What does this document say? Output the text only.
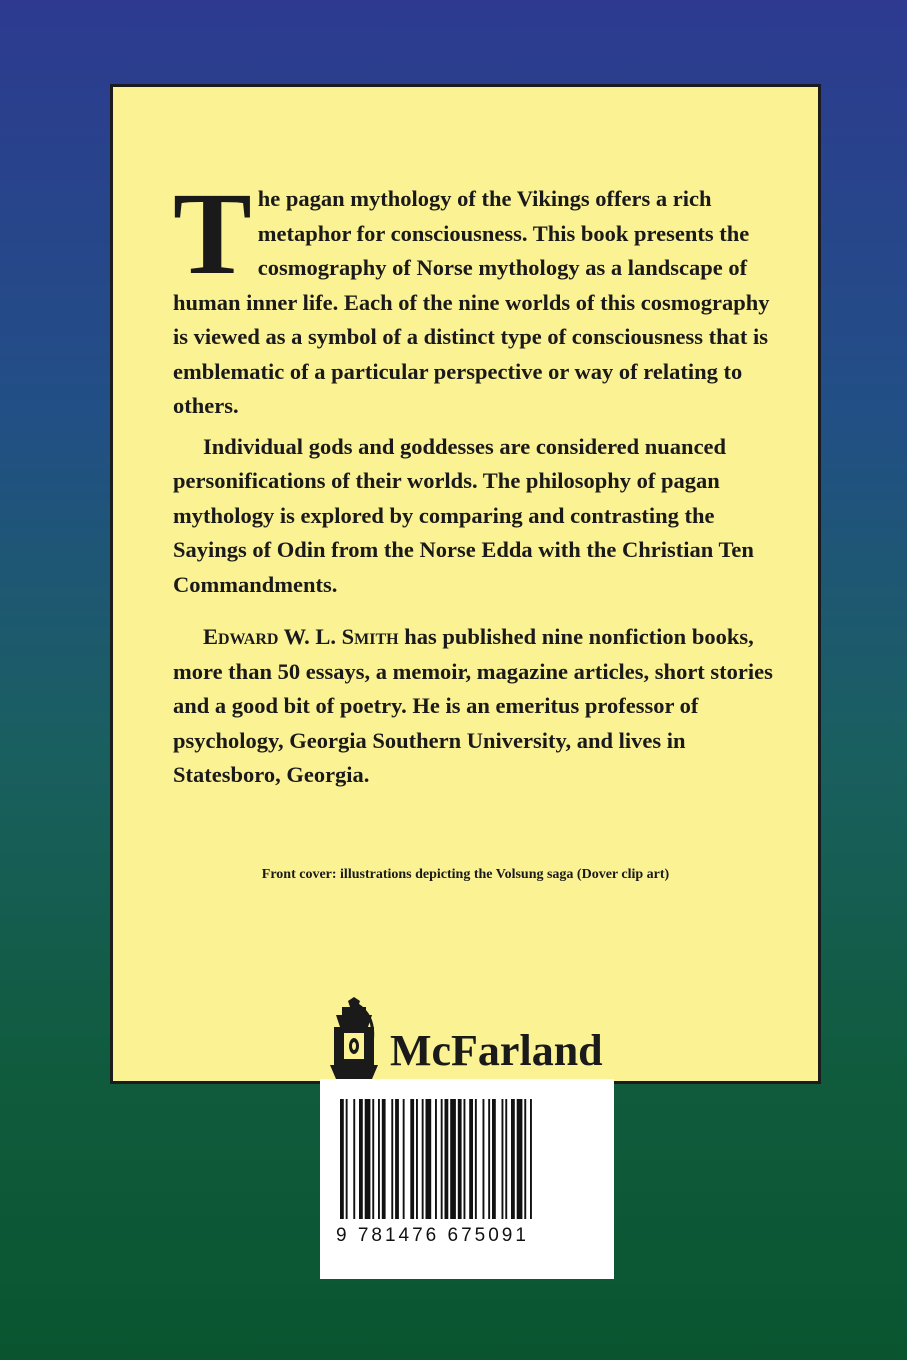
The pagan mythology of the Vikings offers a rich metaphor for consciousness. This book presents the cosmography of Norse mythology as a landscape of human inner life. Each of the nine worlds of this cosmography is viewed as a symbol of a distinct type of consciousness that is emblematic of a particular perspective or way of relating to others.

Individual gods and goddesses are considered nuanced personifications of their worlds. The philosophy of pagan mythology is explored by comparing and contrasting the Sayings of Odin from the Norse Edda with the Christian Ten Commandments.

Edward W. L. Smith has published nine nonfiction books, more than 50 essays, a memoir, magazine articles, short stories and a good bit of poetry. He is an emeritus professor of psychology, Georgia Southern University, and lives in Statesboro, Georgia.

Front cover: illustrations depicting the Volsung saga (Dover clip art)
McFarland
9 781476 675091
